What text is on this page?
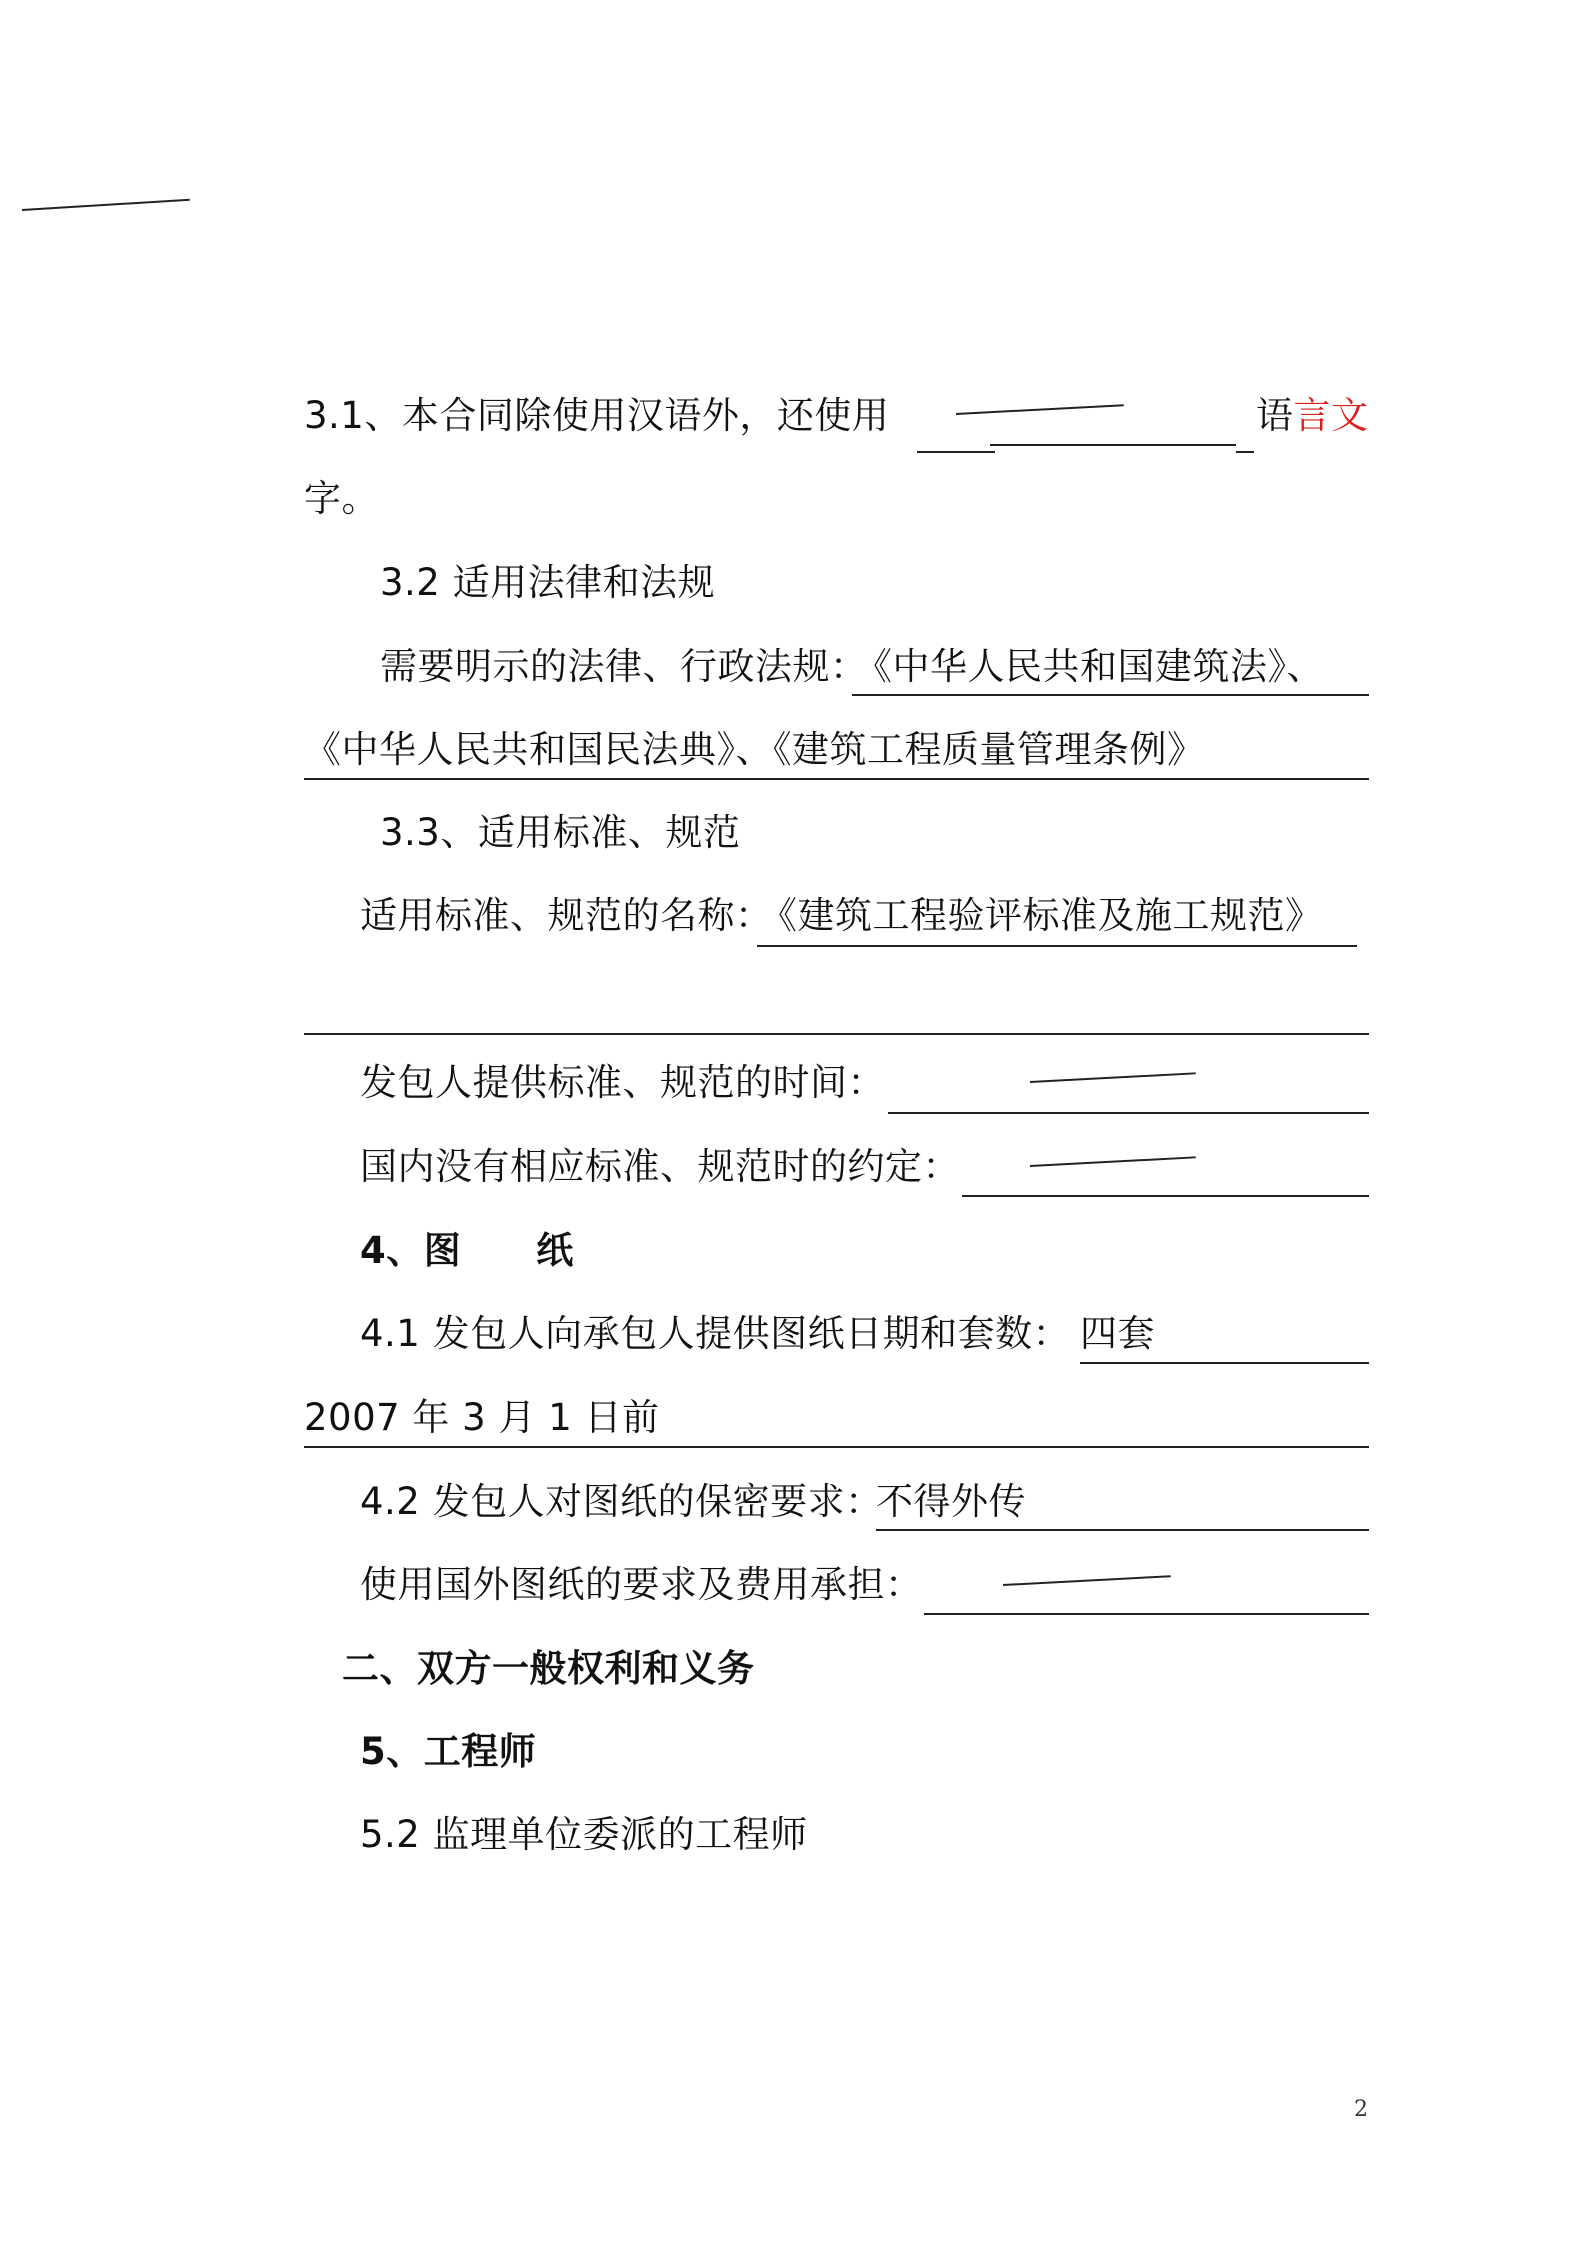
3.1、本合同除使用汉语外，还使用	语言文
字。
3.2 适用法律和法规
需要明示的法律、行政法规：
《中华人民共和国建筑法》、
《中华人民共和国民法典》、《建筑工程质量管理条例》
3.3、适用标准、规范
适用标准、规范的名称：
《建筑工程验评标准及施工规范》
发包人提供标准、规范的时间：
国内没有相应标准、规范时的约定：
4、图　　纸
4.1 发包人向承包人提供图纸日期和套数： 四套
2007 年 3 月 1 日前
4.2 发包人对图纸的保密要求：
不得外传
使用国外图纸的要求及费用承担：
二、双方一般权利和义务
5、工程师
5.2 监理单位委派的工程师
2
